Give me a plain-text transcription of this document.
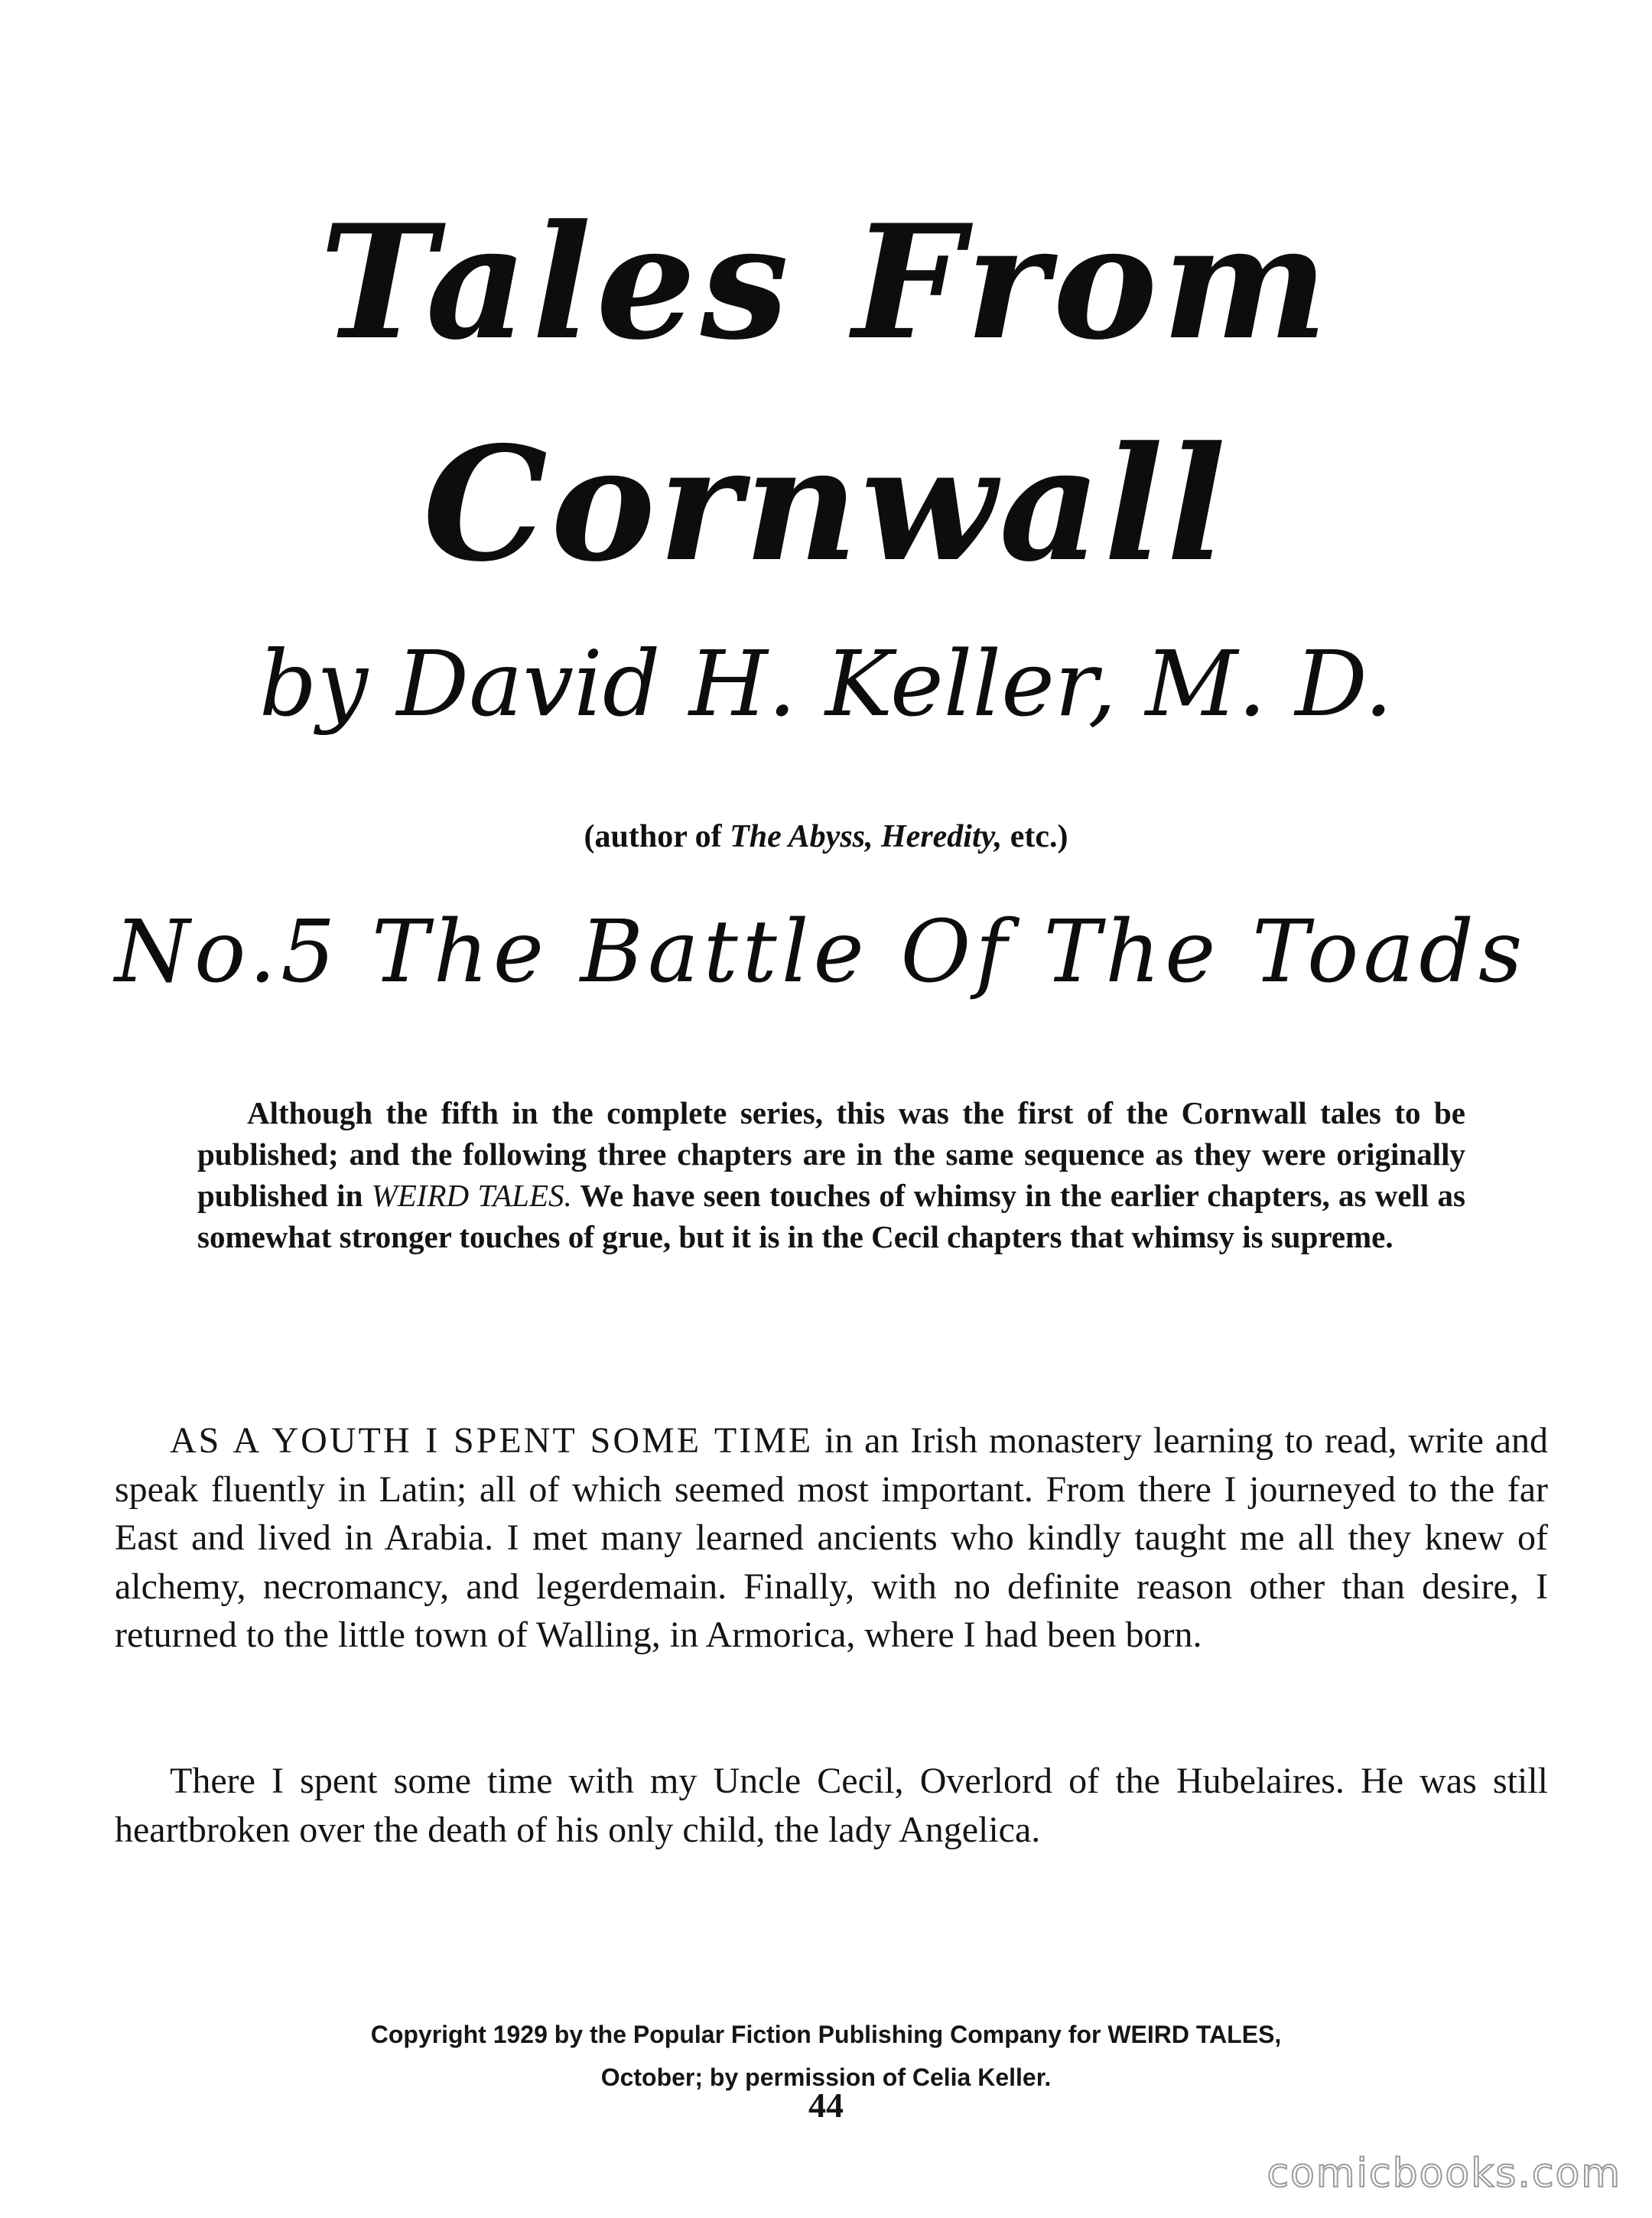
Tales From
Cornwall
by David H. Keller, M. D.
(author of The Abyss, Heredity, etc.)
No.5 The Battle Of The Toads
Although the fifth in the complete series, this was the first of the Cornwall tales to be published; and the following three chapters are in the same sequence as they were originally published in WEIRD TALES. We have seen touches of whimsy in the earlier chapters, as well as somewhat stronger touches of grue, but it is in the Cecil chapters that whimsy is supreme.
AS A YOUTH I SPENT SOME TIME in an Irish monastery learning to read, write and speak fluently in Latin; all of which seemed most important. From there I journeyed to the far East and lived in Arabia. I met many learned ancients who kindly taught me all they knew of alchemy, necromancy, and legerdemain. Finally, with no definite reason other than desire, I returned to the little town of Walling, in Armorica, where I had been born.
There I spent some time with my Uncle Cecil, Overlord of the Hubelaires. He was still heartbroken over the death of his only child, the lady Angelica.
Copyright 1929 by the Popular Fiction Publishing Company for WEIRD TALES,
October; by permission of Celia Keller.
44
comicbooks.com
